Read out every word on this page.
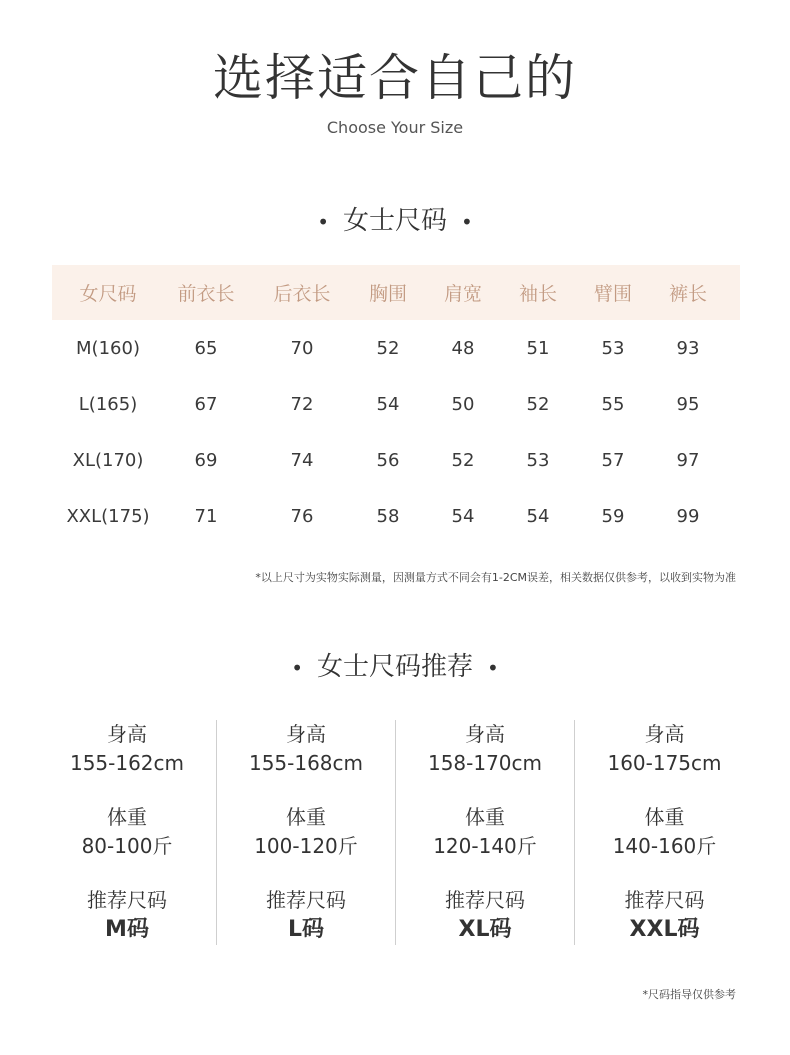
选择适合自己的
Choose Your Size
• 女士尺码 •
女尺码	前衣长	后衣长	胸围	肩宽	袖长	臂围	裤长
M(160)	65	70	52	48	51	53	93
L(165)	67	72	54	50	52	55	95
XL(170)	69	74	56	52	53	57	97
XXL(175)	71	76	58	54	54	59	99
*以上尺寸为实物实际测量，因测量方式不同会有1-2CM误差，相关数据仅供参考，以收到实物为准
• 女士尺码推荐 •
身高
155-162cm
体重
80-100斤
推荐尺码
M码
身高
155-168cm
体重
100-120斤
推荐尺码
L码
身高
158-170cm
体重
120-140斤
推荐尺码
XL码
身高
160-175cm
体重
140-160斤
推荐尺码
XXL码
*尺码指导仅供参考
